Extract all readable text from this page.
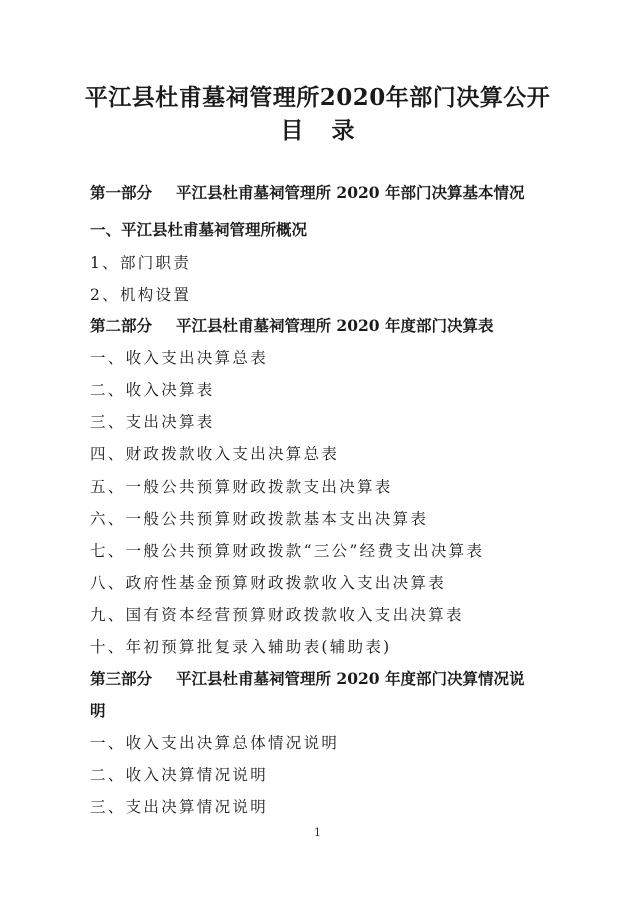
平江县杜甫墓祠管理所2020年部门决算公开
目 录

第一部分 平江县杜甫墓祠管理所 2020 年部门决算基本情况

一、平江县杜甫墓祠管理所概况

1、部门职责

2、机构设置

第二部分 平江县杜甫墓祠管理所 2020 年度部门决算表

一、收入支出决算总表

二、收入决算表

三、支出决算表

四、财政拨款收入支出决算总表

五、一般公共预算财政拨款支出决算表

六、一般公共预算财政拨款基本支出决算表

七、一般公共预算财政拨款“三公”经费支出决算表

八、政府性基金预算财政拨款收入支出决算表

九、国有资本经营预算财政拨款收入支出决算表

十、年初预算批复录入辅助表(辅助表)

第三部分 平江县杜甫墓祠管理所 2020 年度部门决算情况说

明

一、收入支出决算总体情况说明

二、收入决算情况说明

三、支出决算情况说明

1
